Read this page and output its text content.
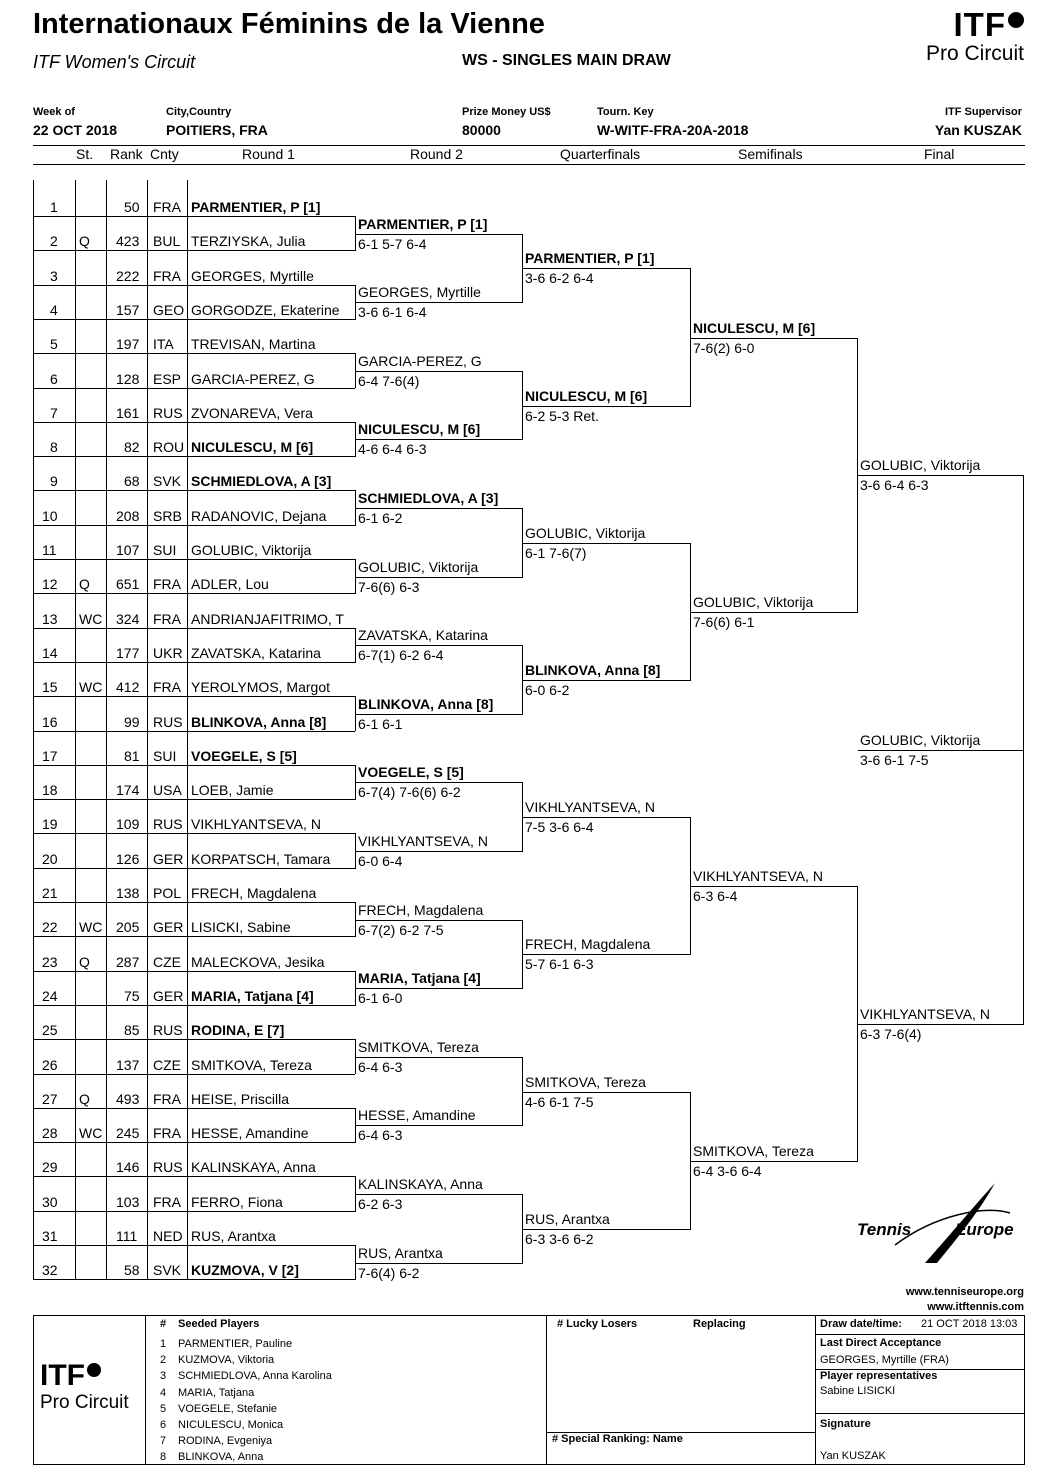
Internationaux Féminins de la Vienne
ITF Women's Circuit	WS - SINGLES MAIN DRAW
ITF
Pro Circuit
Week of
22 OCT 2018
City,Country
POITIERS, FRA
Prize Money US$
80000
Tourn. Key
W-WITF-FRA-20A-2018
ITF Supervisor
Yan KUSZAK
St. Rank Cnty	Round 1	Round 2	Quarterfinals	Semifinals	Final
1	50 FRA PARMENTIER, P [1]
2 Q 423 BUL TERZIYSKA, Julia
3	222 FRA GEORGES, Myrtille
4	157 GEO GORGODZE, Ekaterine
5	197 ITA TREVISAN, Martina
6	128 ESP GARCIA-PEREZ, G
7	161 RUS ZVONAREVA, Vera
8	82 ROU NICULESCU, M [6]
9	68 SVK SCHMIEDLOVA, A [3]
10	208 SRB RADANOVIC, Dejana
11	107 SUI GOLUBIC, Viktorija
12 Q 651 FRA ADLER, Lou
13 WC 324 FRA ANDRIANJAFITRIMO, T
14	177 UKR ZAVATSKA, Katarina
15 WC 412 FRA YEROLYMOS, Margot
16	99 RUS BLINKOVA, Anna [8]
17	81 SUI VOEGELE, S [5]
18	174 USA LOEB, Jamie
19	109 RUS VIKHLYANTSEVA, N
20	126 GER KORPATSCH, Tamara
21	138 POL FRECH, Magdalena
22 WC 205 GER LISICKI, Sabine
23 Q 287 CZE MALECKOVA, Jesika
24	75 GER MARIA, Tatjana [4]
25	85 RUS RODINA, E [7]
26	137 CZE SMITKOVA, Tereza
27 Q 493 FRA HEISE, Priscilla
28 WC 245 FRA HESSE, Amandine
29	146 RUS KALINSKAYA, Anna
30	103 FRA FERRO, Fiona
31	111 NED RUS, Arantxa
32	58 SVK KUZMOVA, V [2]
PARMENTIER, P [1]
6-1 5-7 6-4
GEORGES, Myrtille
3-6 6-1 6-4
GARCIA-PEREZ, G
6-4 7-6(4)
NICULESCU, M [6]
4-6 6-4 6-3
SCHMIEDLOVA, A [3]
6-1 6-2
GOLUBIC, Viktorija
7-6(6) 6-3
ZAVATSKA, Katarina
6-7(1) 6-2 6-4
BLINKOVA, Anna [8]
6-1 6-1
VOEGELE, S [5]
6-7(4) 7-6(6) 6-2
VIKHLYANTSEVA, N
6-0 6-4
FRECH, Magdalena
6-7(2) 6-2 7-5
MARIA, Tatjana [4]
6-1 6-0
SMITKOVA, Tereza
6-4 6-3
HESSE, Amandine
6-4 6-3
KALINSKAYA, Anna
6-2 6-3
RUS, Arantxa
7-6(4) 6-2
PARMENTIER, P [1]
3-6 6-2 6-4
NICULESCU, M [6]
6-2 5-3 Ret.
GOLUBIC, Viktorija
6-1 7-6(7)
BLINKOVA, Anna [8]
6-0 6-2
VIKHLYANTSEVA, N
7-5 3-6 6-4
FRECH, Magdalena
5-7 6-1 6-3
SMITKOVA, Tereza
4-6 6-1 7-5
RUS, Arantxa
6-3 3-6 6-2
NICULESCU, M [6]
7-6(2) 6-0
GOLUBIC, Viktorija
7-6(6) 6-1
VIKHLYANTSEVA, N
6-3 6-4
SMITKOVA, Tereza
6-4 3-6 6-4
GOLUBIC, Viktorija
3-6 6-4 6-3
VIKHLYANTSEVA, N
6-3 7-6(4)
GOLUBIC, Viktorija
3-6 6-1 7-5
Tennis	Europe
www.tenniseurope.org
www.itftennis.com
ITF
Pro Circuit
# Seeded Players
1 PARMENTIER, Pauline
2 KUZMOVA, Viktoria
3 SCHMIEDLOVA, Anna Karolina
4 MARIA, Tatjana
5 VOEGELE, Stefanie
6 NICULESCU, Monica
7 RODINA, Evgeniya
8 BLINKOVA, Anna
# Lucky Losers	Replacing
# Special Ranking: Name
Draw date/time: 21 OCT 2018 13:03
Last Direct Acceptance
GEORGES, Myrtille (FRA)
Player representatives
Sabine LISICKI
Signature
Yan KUSZAK
